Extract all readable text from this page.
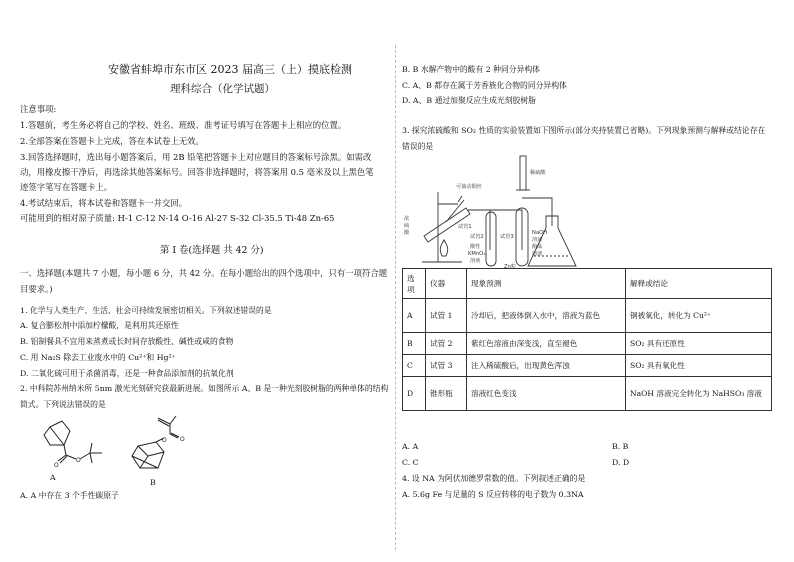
安徽省蚌埠市东市区 2023 届高三（上）摸底检测
理科综合（化学试题）
注意事项:
1.答题前，考生务必将自己的学校、姓名、班级、准考证号填写在答题卡上相应的位置。
2.全部答案在答题卡上完成，答在本试卷上无效。
3.回答选择题时，选出每小题答案后，用 2B 铅笔把答题卡上对应题目的答案标号涂黑。如需改
动，用橡皮擦干净后，再选涂其他答案标号。回答非选择题时，将答案用 0.5 毫米及以上黑色笔
迹签字笔写在答题卡上。
4.考试结束后，将本试卷和答题卡一并交回。
可能用到的相对原子质量: H-1 C-12 N-14 O-16 Al-27 S-32 Cl-35.5 Ti-48 Zn-65
第 Ⅰ 卷(选择题 共 42 分)
一、选择题(本题共 7 小题，每小题 6 分，共 42 分。在每小题给出的四个选项中，只有一项符合题
目要求。)
1. 化学与人类生产、生活、社会可持续发展密切相关。下列叙述错误的是
A. 复合膨松剂中添加柠檬酸，是利用其还原性
B. 铝制餐具不宜用来蒸煮或长时间存放酸性、碱性或咸的食物
C. 用 Na₂S 除去工业废水中的 Cu²⁺和 Hg²⁺
D. 二氧化硫可用于杀菌消毒，还是一种食品添加剂的抗氧化剂
2. 中科院苏州纳米所 5nm 激光光刻研究获最新进展。如图所示 A、B 是一种光刻胶树脂的两种单体的结构
简式。下列说法错误的是
O
O
A
O O
B
A. A 中存在 3 个手性碳原子
B. B 水解产物中的酸有 2 种同分异构体
C. A、B 都存在属于芳香族化合物的同分异构体
D. A、B 通过加聚反应生成光刻胶树脂
3. 探究浓硫酸和 SO₂ 性质的实验装置如下图所示(部分夹持装置已省略)。下列现象预测与解释或结论存在
错误的是
浓
硫
酸
可抽动铜丝
试管1
试管2
酸性
KMnO₄
溶液
试管3
稀硫酸
NaOH
溶液
酚酞
溶液
Zn粒
选项	仪器	现象预测	解释或结论
A	试管 1	冷却后，把液体倒入水中，溶液为蓝色	铜被氧化，转化为 Cu²⁺
B	试管 2	紫红色溶液由深变浅，直至褪色	SO₂ 具有还原性
C	试管 3	注入稀硫酸后，出现黄色浑浊	SO₂ 具有氧化性
D	锥形瓶	溶液红色变浅	NaOH 溶液完全转化为 NaHSO₃ 溶液
A. A	B. B
C. C	D. D
4. 设 NA 为阿伏加德罗常数的值。下列叙述正确的是
A. 5.6g Fe 与足量的 S 反应转移的电子数为 0.3NA
